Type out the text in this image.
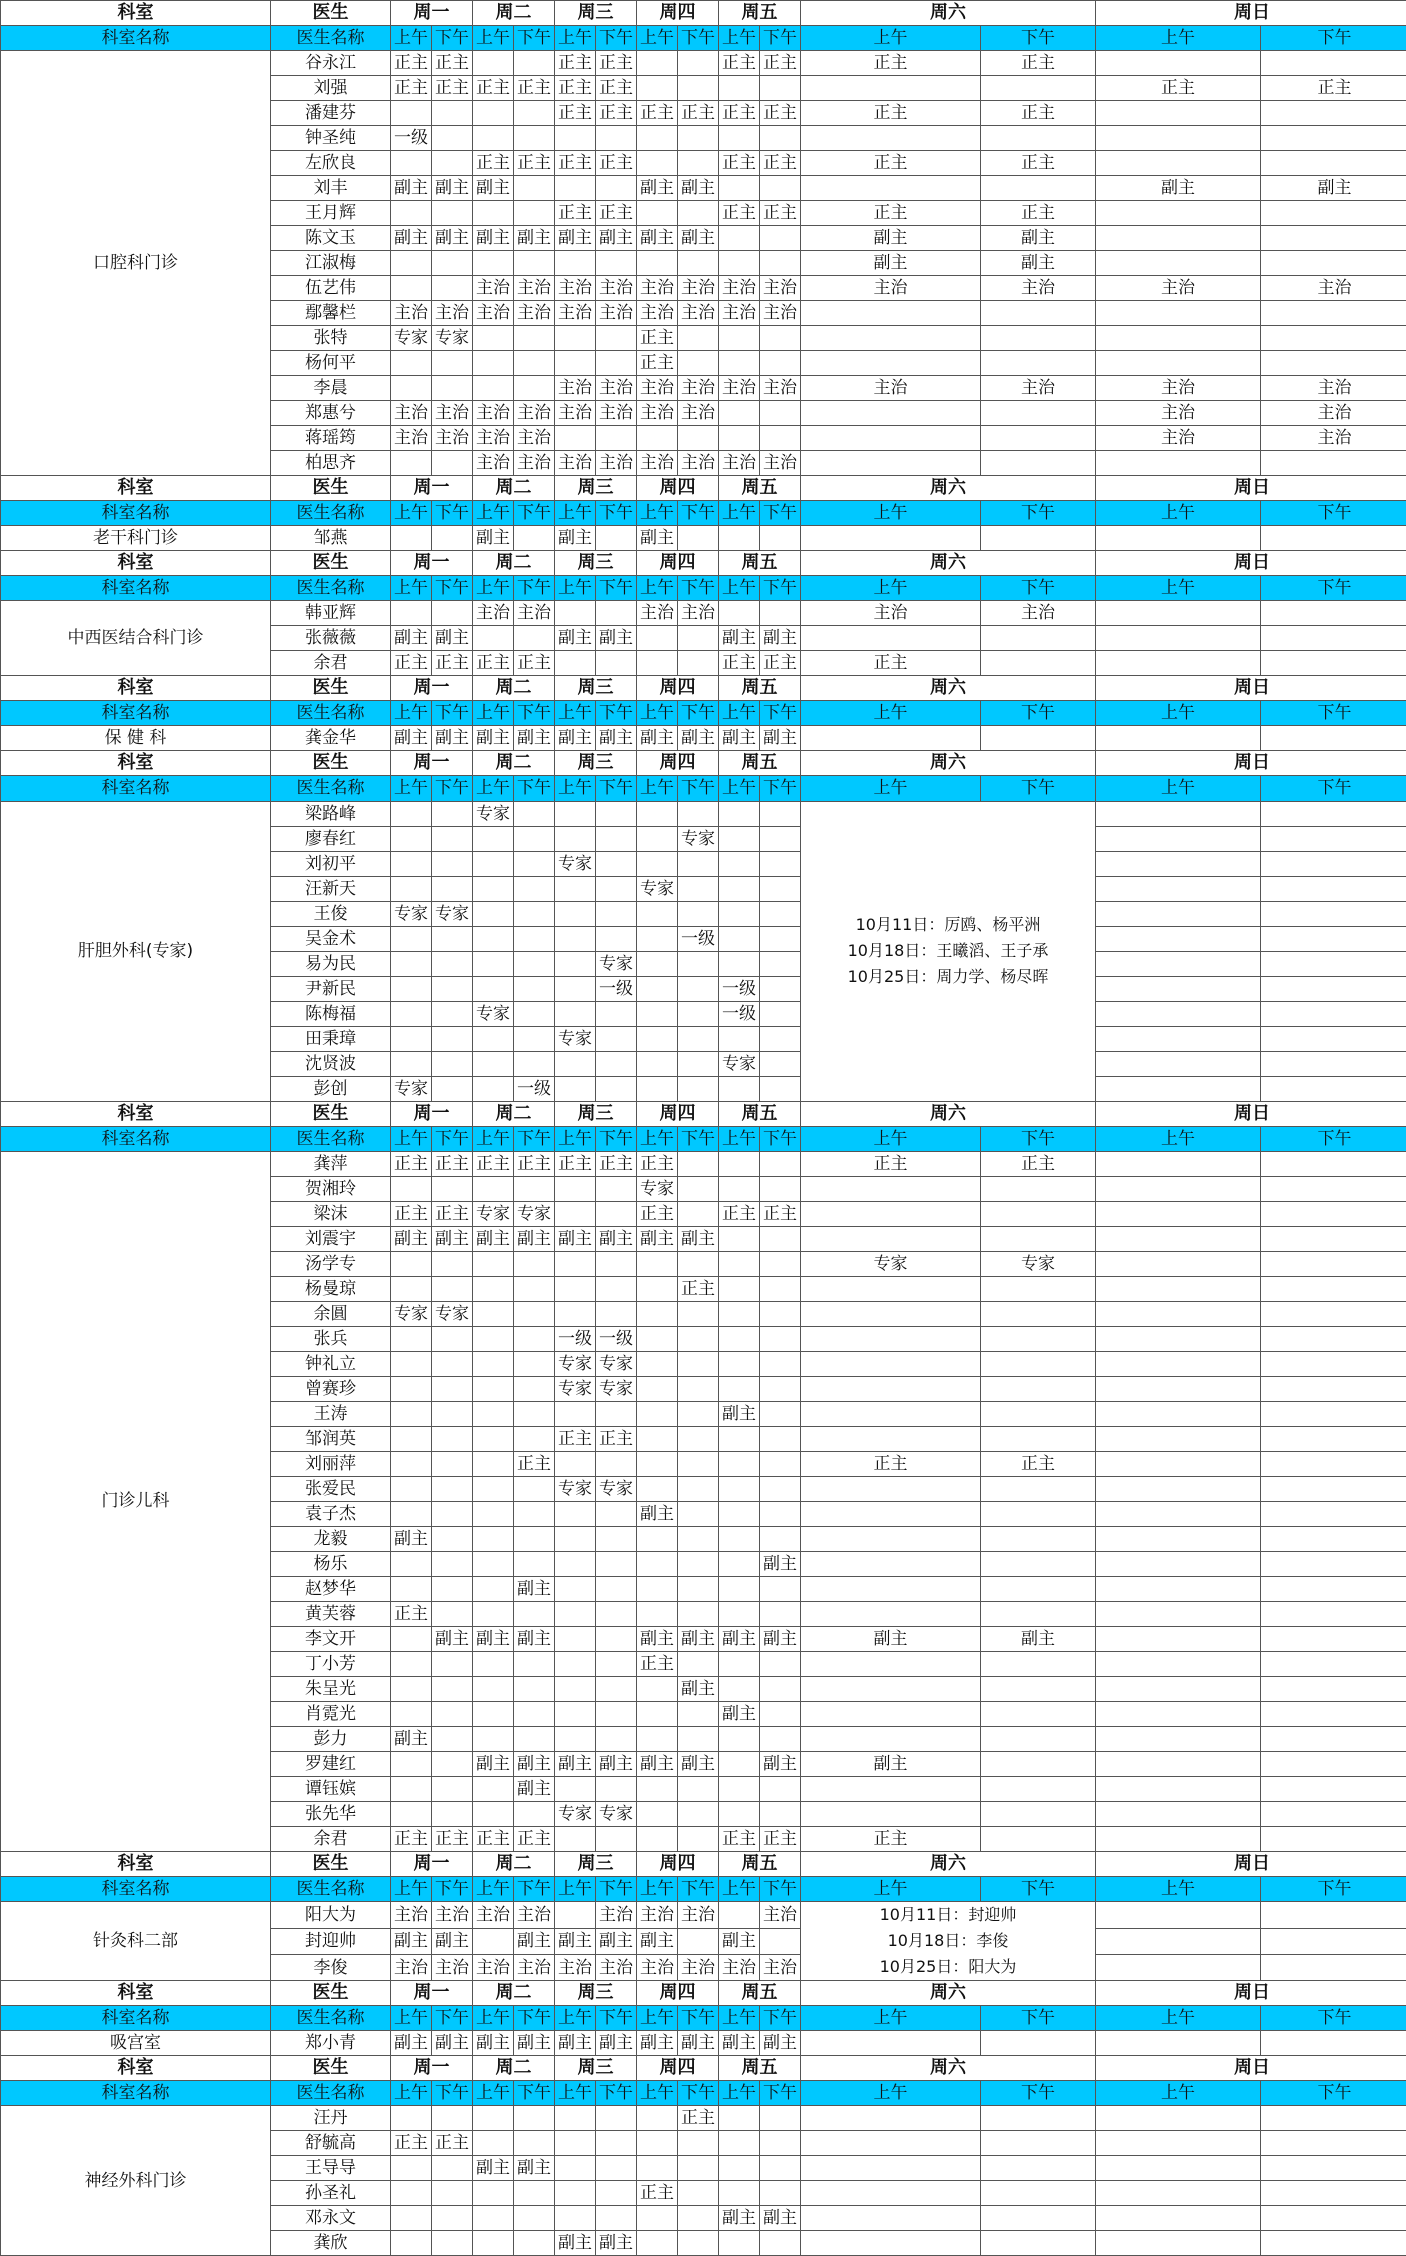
科室	医生	周一		周二		周三		周四		周五		周六		周日	
科室名称	医生名称	上午	下午	上午	下午	上午	下午	上午	下午	上午	下午	上午	下午	上午	下午
口腔科门诊	谷永江	正主	正主			正主	正主			正主	正主	正主	正主		
	刘强	正主	正主	正主	正主	正主	正主							正主	正主
	潘建芬					正主	正主	正主	正主	正主	正主	正主	正主		
	钟圣纯	一级													
	左欣良			正主	正主	正主	正主			正主	正主	正主	正主		
	刘丰	副主	副主	副主				副主	副主					副主	副主
	王月辉					正主	正主			正主	正主	正主	正主		
	陈文玉	副主	副主	副主	副主	副主	副主	副主	副主			副主	副主		
	江淑梅											副主	副主		
	伍艺伟			主治	主治	主治	主治	主治	主治	主治	主治	主治	主治	主治	主治
	鄢馨栏	主治	主治	主治	主治	主治	主治	主治	主治	主治	主治				
	张特	专家	专家					正主							
	杨何平							正主							
	李晨					主治	主治	主治	主治	主治	主治	主治	主治	主治	主治
	郑惠兮	主治	主治	主治	主治	主治	主治	主治	主治					主治	主治
	蒋瑶筠	主治	主治	主治	主治									主治	主治
	柏思齐			主治	主治	主治	主治	主治	主治	主治	主治				
科室	医生	周一		周二		周三		周四		周五		周六		周日	
科室名称	医生名称	上午	下午	上午	下午	上午	下午	上午	下午	上午	下午	上午	下午	上午	下午
老干科门诊	邹燕			副主		副主		副主							
科室	医生	周一		周二		周三		周四		周五		周六		周日	
科室名称	医生名称	上午	下午	上午	下午	上午	下午	上午	下午	上午	下午	上午	下午	上午	下午
中西医结合科门诊	韩亚辉			主治	主治			主治	主治			主治	主治		
	张薇薇	副主	副主			副主	副主			副主	副主				
	余君	正主	正主	正主	正主					正主	正主	正主			
科室	医生	周一		周二		周三		周四		周五		周六		周日	
科室名称	医生名称	上午	下午	上午	下午	上午	下午	上午	下午	上午	下午	上午	下午	上午	下午
保 健 科	龚金华	副主	副主	副主	副主	副主	副主	副主	副主	副主	副主				
科室	医生	周一		周二		周三		周四		周五		周六		周日	
科室名称	医生名称	上午	下午	上午	下午	上午	下午	上午	下午	上午	下午	上午	下午	上午	下午
肝胆外科(专家)	梁路峰			专家								10月11日：厉鸥、杨平洲
10月18日：王曦滔、王子承
10月25日：周力学、杨尽晖			

	廖春红								专家						
	刘初平					专家									
	汪新天							专家							
	王俊	专家	专家												
	吴金术								一级						
	易为民						专家								
	尹新民						一级			一级					
	陈梅福			专家						一级					
	田秉璋					专家									
	沈贤波									专家					
	彭创	专家			一级										
科室	医生	周一		周二		周三		周四		周五		周六		周日	
科室名称	医生名称	上午	下午	上午	下午	上午	下午	上午	下午	上午	下午	上午	下午	上午	下午
门诊儿科	龚萍	正主	正主	正主	正主	正主	正主	正主				正主	正主		
	贺湘玲							专家							
	梁沫	正主	正主	专家	专家			正主		正主	正主				
	刘震宇	副主	副主	副主	副主	副主	副主	副主	副主						
	汤学专											专家	专家		
	杨曼琼								正主						
	余圓	专家	专家												
	张兵					一级	一级								
	钟礼立					专家	专家								
	曾赛珍					专家	专家								
	王涛									副主					
	邹润英					正主	正主								
	刘丽萍				正主							正主	正主		
	张爱民					专家	专家								
	袁子杰							副主							
	龙毅	副主													
	杨乐										副主				
	赵梦华				副主										
	黄芙蓉	正主													
	李文开		副主	副主	副主			副主	副主	副主	副主	副主	副主		
	丁小芳							正主							
	朱呈光								副主						
	肖霓光									副主					
	彭力	副主													
	罗建红			副主	副主	副主	副主	副主	副主		副主	副主			
	谭钰嫔				副主										
	张先华					专家	专家								
	余君	正主	正主	正主	正主					正主	正主	正主			
科室	医生	周一		周二		周三		周四		周五		周六		周日	
科室名称	医生名称	上午	下午	上午	下午	上午	下午	上午	下午	上午	下午	上午	下午	上午	下午
针灸科二部	阳大为	主治	主治	主治	主治		主治	主治	主治		主治	10月11日：封迎帅
10月18日：李俊
10月25日：阳大为			

	封迎帅	副主	副主		副主	副主	副主	副主		副主					
	李俊	主治	主治	主治	主治	主治	主治	主治	主治	主治	主治				
科室	医生	周一		周二		周三		周四		周五		周六		周日	
科室名称	医生名称	上午	下午	上午	下午	上午	下午	上午	下午	上午	下午	上午	下午	上午	下午
吸宫室	郑小青	副主	副主	副主	副主	副主	副主	副主	副主	副主	副主				
科室	医生	周一		周二		周三		周四		周五		周六		周日	
科室名称	医生名称	上午	下午	上午	下午	上午	下午	上午	下午	上午	下午	上午	下午	上午	下午
神经外科门诊	汪丹								正主						
	舒毓高	正主	正主												
	王导导			副主	副主										
	孙圣礼							正主							
	邓永文									副主	副主				
	龚欣					副主	副主								
